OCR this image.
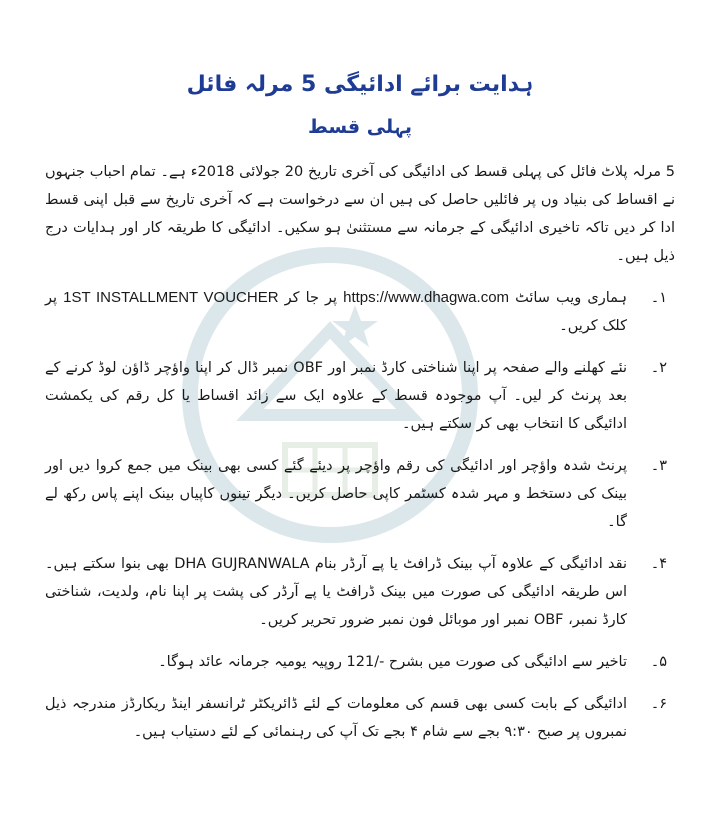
ہدایت برائے ادائیگی 5 مرلہ فائل
پہلی قسط

5 مرلہ پلاٹ فائل کی پہلی قسط کی ادائیگی کی آخری تاریخ 20 جولائی 2018ء ہے۔ تمام احباب جنہوں نے اقساط کی بنیاد وں پر فائلیں حاصل کی ہیں ان سے درخواست ہے کہ آخری تاریخ سے قبل اپنی قسط ادا کر دیں تاکہ تاخیری ادائیگی کے جرمانہ سے مستثنیٰ ہو سکیں۔ ادائیگی کا طریقہ کار اور ہدایات درج ذیل ہیں۔

۱۔
ہماری ویب سائٹ https://www.dhagwa.com پر جا کر 1ST INSTALLMENT VOUCHER پر کلک کریں۔
۲۔
نئے کھلنے والے صفحہ پر اپنا شناختی کارڈ نمبر اور OBF نمبر ڈال کر اپنا واؤچر ڈاؤن لوڈ کرنے کے بعد پرنٹ کر لیں۔ آپ موجودہ قسط کے علاوہ ایک سے زائد اقساط یا کل رقم کی یکمشت ادائیگی کا انتخاب بھی کر سکتے ہیں۔
۳۔
پرنٹ شدہ واؤچر اور ادائیگی کی رقم واؤچر پر دیئے گئے کسی بھی بینک میں جمع کروا دیں اور بینک کی دستخط و مہر شدہ کسٹمر کاپی حاصل کریں۔ دیگر تینوں کاپیاں بینک اپنے پاس رکھ لے گا۔
۴۔
نقد ادائیگی کے علاوہ آپ بینک ڈرافٹ یا پے آرڈر بنام DHA GUJRANWALA بھی بنوا سکتے ہیں۔ اس طریقہ ادائیگی کی صورت میں بینک ڈرافٹ یا پے آرڈر کی پشت پر اپنا نام، ولدیت، شناختی کارڈ نمبر، OBF نمبر اور موبائل فون نمبر ضرور تحریر کریں۔
۵۔
تاخیر سے ادائیگی کی صورت میں بشرح -/121 روپیہ یومیہ جرمانہ عائد ہوگا۔
۶۔
ادائیگی کے بابت کسی بھی قسم کی معلومات کے لئے ڈائریکٹر ٹرانسفر اینڈ ریکارڈز مندرجہ ذیل نمبروں پر صبح ۹:۳۰ بجے سے شام ۴ بجے تک آپ کی رہنمائی کے لئے دستیاب ہیں۔
